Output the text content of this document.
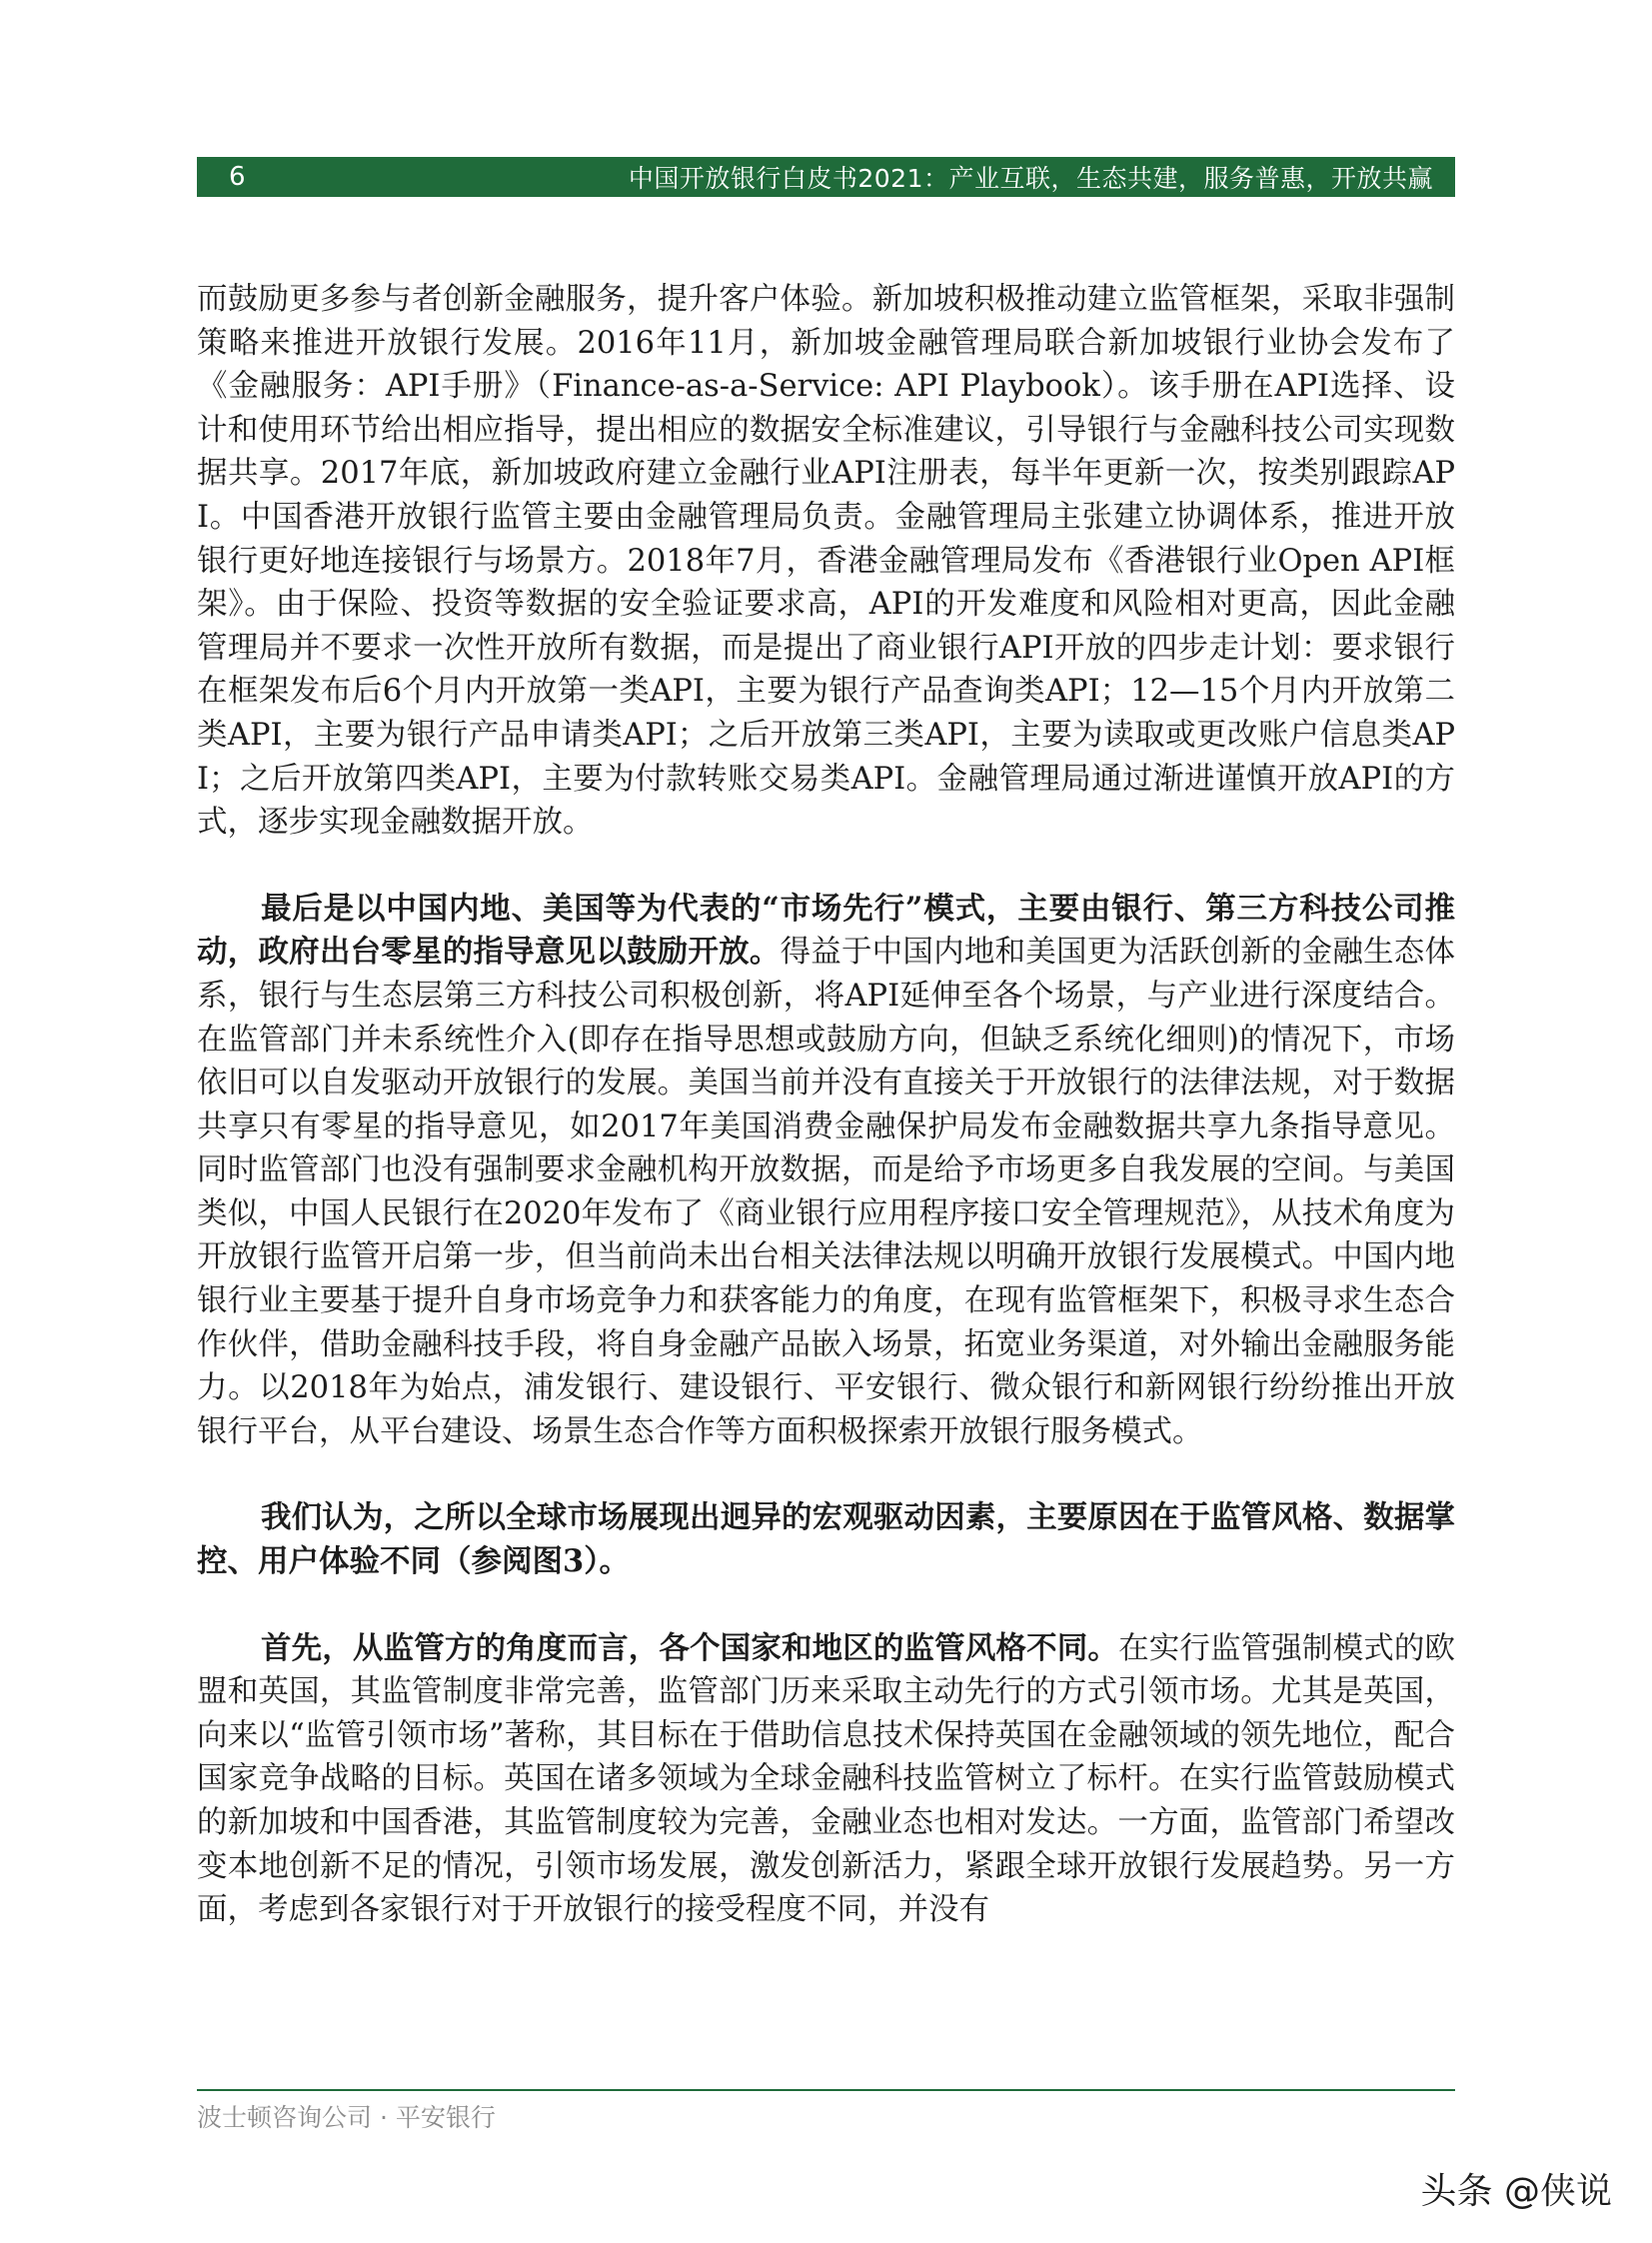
6	中国开放银行白皮书2021：产业互联，生态共建，服务普惠，开放共赢

而鼓励更多参与者创新金融服务，提升客户体验。新加坡积极推动建立监管框架，采取非强制策略来推进开放银行发展。2016年11月，新加坡金融管理局联合新加坡银行业协会发布了《金融服务：API手册》（Finance-as-a-Service: API Playbook）。该手册在API选择、设计和使用环节给出相应指导，提出相应的数据安全标准建议，引导银行与金融科技公司实现数据共享。2017年底，新加坡政府建立金融行业API注册表，每半年更新一次，按类别跟踪API。中国香港开放银行监管主要由金融管理局负责。金融管理局主张建立协调体系，推进开放银行更好地连接银行与场景方。2018年7月，香港金融管理局发布《香港银行业Open API框架》。由于保险、投资等数据的安全验证要求高，API的开发难度和风险相对更高，因此金融管理局并不要求一次性开放所有数据，而是提出了商业银行API开放的四步走计划：要求银行在框架发布后6个月内开放第一类API，主要为银行产品查询类API；12—15个月内开放第二类API，主要为银行产品申请类API；之后开放第三类API，主要为读取或更改账户信息类API；之后开放第四类API，主要为付款转账交易类API。金融管理局通过渐进谨慎开放API的方式，逐步实现金融数据开放。

最后是以中国内地、美国等为代表的“市场先行”模式，主要由银行、第三方科技公司推动，政府出台零星的指导意见以鼓励开放。得益于中国内地和美国更为活跃创新的金融生态体系，银行与生态层第三方科技公司积极创新，将API延伸至各个场景，与产业进行深度结合。在监管部门并未系统性介入(即存在指导思想或鼓励方向，但缺乏系统化细则)的情况下，市场依旧可以自发驱动开放银行的发展。美国当前并没有直接关于开放银行的法律法规，对于数据共享只有零星的指导意见，如2017年美国消费金融保护局发布金融数据共享九条指导意见。同时监管部门也没有强制要求金融机构开放数据，而是给予市场更多自我发展的空间。与美国类似，中国人民银行在2020年发布了《商业银行应用程序接口安全管理规范》，从技术角度为开放银行监管开启第一步，但当前尚未出台相关法律法规以明确开放银行发展模式。中国内地银行业主要基于提升自身市场竞争力和获客能力的角度，在现有监管框架下，积极寻求生态合作伙伴，借助金融科技手段，将自身金融产品嵌入场景，拓宽业务渠道，对外输出金融服务能力。以2018年为始点，浦发银行、建设银行、平安银行、微众银行和新网银行纷纷推出开放银行平台，从平台建设、场景生态合作等方面积极探索开放银行服务模式。

我们认为，之所以全球市场展现出迥异的宏观驱动因素，主要原因在于监管风格、数据掌控、用户体验不同（参阅图3）。

首先，从监管方的角度而言，各个国家和地区的监管风格不同。在实行监管强制模式的欧盟和英国，其监管制度非常完善，监管部门历来采取主动先行的方式引领市场。尤其是英国，向来以“监管引领市场”著称，其目标在于借助信息技术保持英国在金融领域的领先地位，配合国家竞争战略的目标。英国在诸多领域为全球金融科技监管树立了标杆。在实行监管鼓励模式的新加坡和中国香港，其监管制度较为完善，金融业态也相对发达。一方面，监管部门希望改变本地创新不足的情况，引领市场发展，激发创新活力，紧跟全球开放银行发展趋势。另一方面，考虑到各家银行对于开放银行的接受程度不同，并没有

波士顿咨询公司 · 平安银行
头条 @侠说
